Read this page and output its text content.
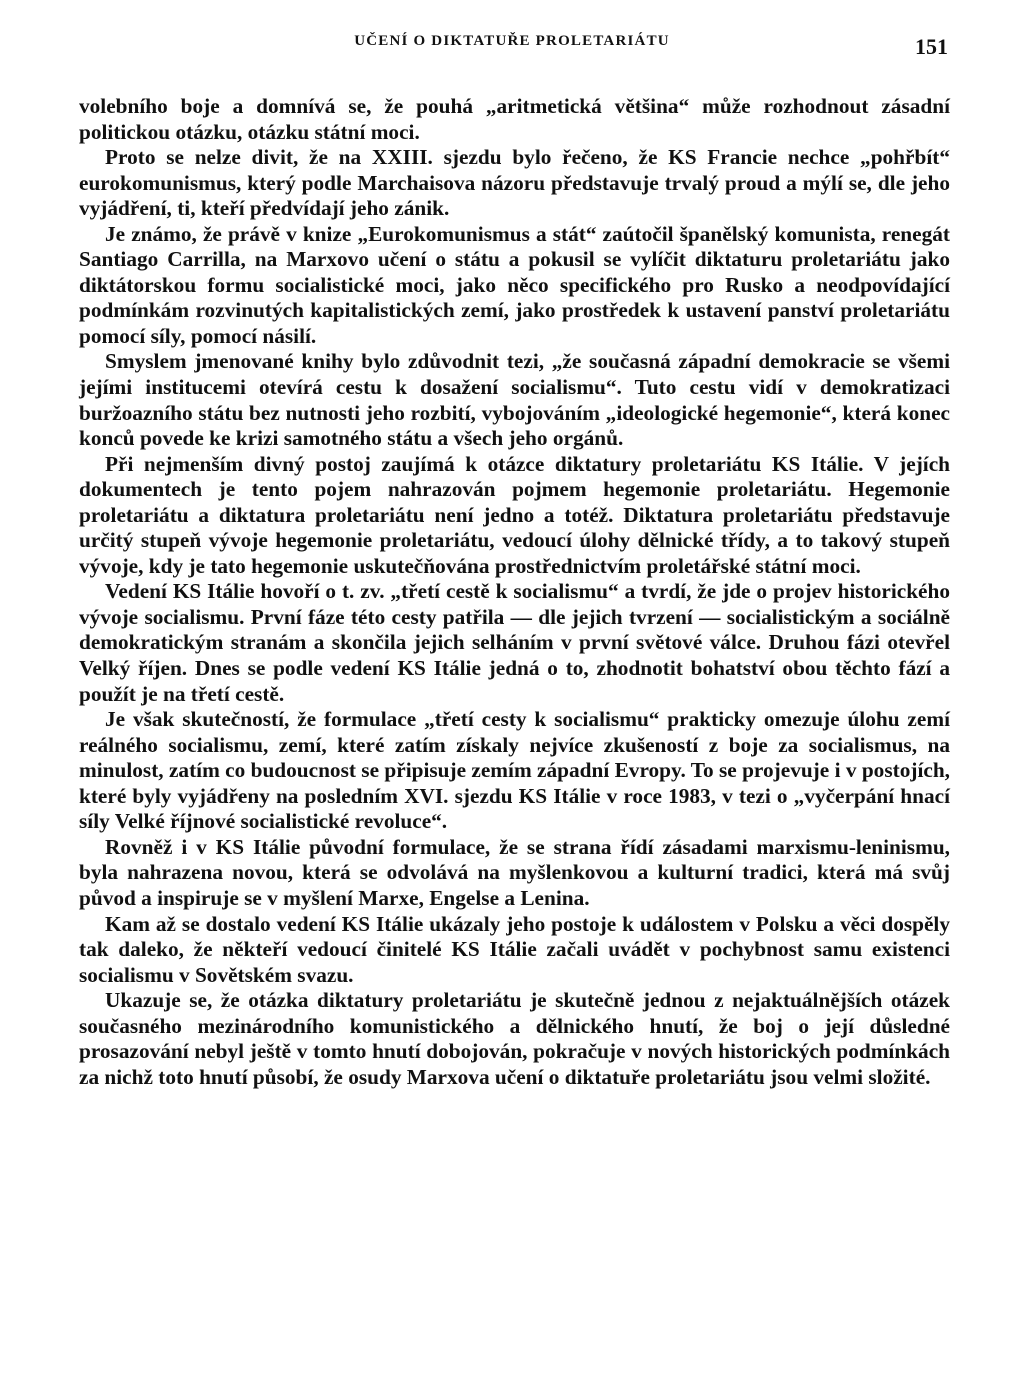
UČENÍ O DIKTATUŘE PROLETARIÁTU	151

volebního boje a domnívá se, že pouhá „aritmetická většina“ může rozhodnout zásadní politickou otázku, otázku státní moci.

Proto se nelze divit, že na XXIII. sjezdu bylo řečeno, že KS Francie nechce „pohřbít“ eurokomunismus, který podle Marchaisova názoru představuje trvalý proud a mýlí se, dle jeho vyjádření, ti, kteří předvídají jeho zánik.

Je známo, že právě v knize „Eurokomunismus a stát“ zaútočil španělský komunista, renegát Santiago Carrilla, na Marxovo učení o státu a pokusil se vylíčit diktaturu proletariátu jako diktátorskou formu socialistické moci, jako něco specifického pro Rusko a neodpovídající podmínkám rozvinutých kapitalistických zemí, jako prostředek k ustavení panství proletariátu pomocí síly, pomocí násilí.

Smyslem jmenované knihy bylo zdůvodnit tezi, „že současná západní demokracie se všemi jejími institucemi otevírá cestu k dosažení socialismu“. Tuto cestu vidí v demokratizaci buržoazního státu bez nutnosti jeho rozbití, vybojováním „ideologické hegemonie“, která konec konců povede ke krizi samotného státu a všech jeho orgánů.

Při nejmenším divný postoj zaujímá k otázce diktatury proletariátu KS Itálie. V jejích dokumentech je tento pojem nahrazován pojmem hegemonie proletariátu. Hegemonie proletariátu a diktatura proletariátu není jedno a totéž. Diktatura proletariátu představuje určitý stupeň vývoje hegemonie proletariátu, vedoucí úlohy dělnické třídy, a to takový stupeň vývoje, kdy je tato hegemonie uskutečňována prostřednictvím proletářské státní moci.

Vedení KS Itálie hovoří o t. zv. „třetí cestě k socialismu“ a tvrdí, že jde o projev historického vývoje socialismu. První fáze této cesty patřila — dle jejich tvrzení — socialistickým a sociálně demokratickým stranám a skončila jejich selháním v první světové válce. Druhou fázi otevřel Velký říjen. Dnes se podle vedení KS Itálie jedná o to, zhodnotit bohatství obou těchto fází a použít je na třetí cestě.

Je však skutečností, že formulace „třetí cesty k socialismu“ prakticky omezuje úlohu zemí reálného socialismu, zemí, které zatím získaly nejvíce zkušeností z boje za socialismus, na minulost, zatím co budoucnost se připisuje zemím západní Evropy. To se projevuje i v postojích, které byly vyjádřeny na posledním XVI. sjezdu KS Itálie v roce 1983, v tezi o „vyčerpání hnací síly Velké říjnové socialistické revoluce“.

Rovněž i v KS Itálie původní formulace, že se strana řídí zásadami marxismu-leninismu, byla nahrazena novou, která se odvolává na myšlenkovou a kulturní tradici, která má svůj původ a inspiruje se v myšlení Marxe, Engelse a Lenina.

Kam až se dostalo vedení KS Itálie ukázaly jeho postoje k událostem v Polsku a věci dospěly tak daleko, že někteří vedoucí činitelé KS Itálie začali uvádět v pochybnost samu existenci socialismu v Sovětském svazu.

Ukazuje se, že otázka diktatury proletariátu je skutečně jednou z nejaktuálnějších otázek současného mezinárodního komunistického a dělnického hnutí, že boj o její důsledné prosazování nebyl ještě v tomto hnutí dobojován, pokračuje v nových historických podmínkách za nichž toto hnutí působí, že osudy Marxova učení o diktatuře proletariátu jsou velmi složité.
